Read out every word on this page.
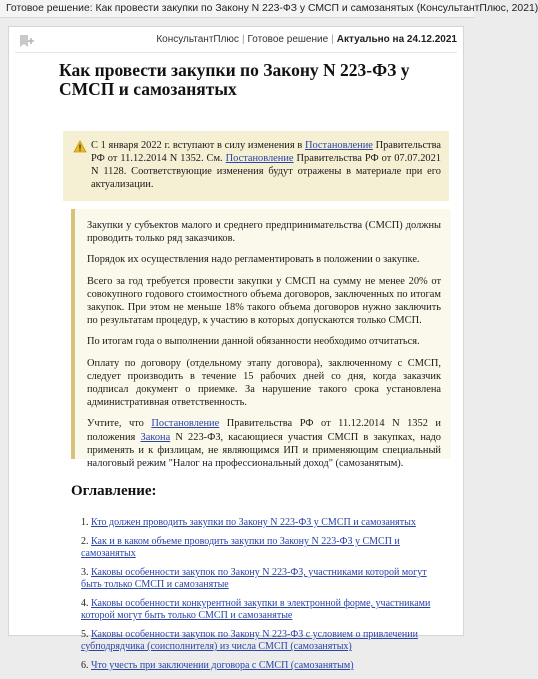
Готовое решение: Как провести закупки по Закону N 223-ФЗ у СМСП и самозанятых (КонсультантПлюс, 2021)
КонсультантПлюс | Готовое решение | Актуально на 24.12.2021
Как провести закупки по Закону N 223-ФЗ у СМСП и самозанятых
С 1 января 2022 г. вступают в силу изменения в Постановление Правительства РФ от 11.12.2014 N 1352. См. Постановление Правительства РФ от 07.07.2021 N 1128. Соответствующие изменения будут отражены в материале при его актуализации.

Закупки у субъектов малого и среднего предпринимательства (СМСП) должны проводить только ряд заказчиков.

Порядок их осуществления надо регламентировать в положении о закупке.

Всего за год требуется провести закупки у СМСП на сумму не менее 20% от совокупного годового стоимостного объема договоров, заключенных по итогам закупок. При этом не меньше 18% такого объема договоров нужно заключить по результатам процедур, к участию в которых допускаются только СМСП.

По итогам года о выполнении данной обязанности необходимо отчитаться.

Оплату по договору (отдельному этапу договора), заключенному с СМСП, следует производить в течение 15 рабочих дней со дня, когда заказчик подписал документ о приемке. За нарушение такого срока установлена административная ответственность.

Учтите, что Постановление Правительства РФ от 11.12.2014 N 1352 и положения Закона N 223-ФЗ, касающиеся участия СМСП в закупках, надо применять и к физлицам, не являющимся ИП и применяющим специальный налоговый режим "Налог на профессиональный доход" (самозанятым).

Оглавление:
1. Кто должен проводить закупки по Закону N 223-ФЗ у СМСП и самозанятых
2. Как и в каком объеме проводить закупки по Закону N 223-ФЗ у СМСП и самозанятых
3. Каковы особенности закупок по Закону N 223-ФЗ, участниками которой могут быть только СМСП и самозанятые
4. Каковы особенности конкурентной закупки в электронной форме, участниками которой могут быть только СМСП и самозанятые
5. Каковы особенности закупок по Закону N 223-ФЗ с условием о привлечении субподрядчика (соисполнителя) из числа СМСП (самозанятых)
6. Что учесть при заключении договора с СМСП (самозанятым)
